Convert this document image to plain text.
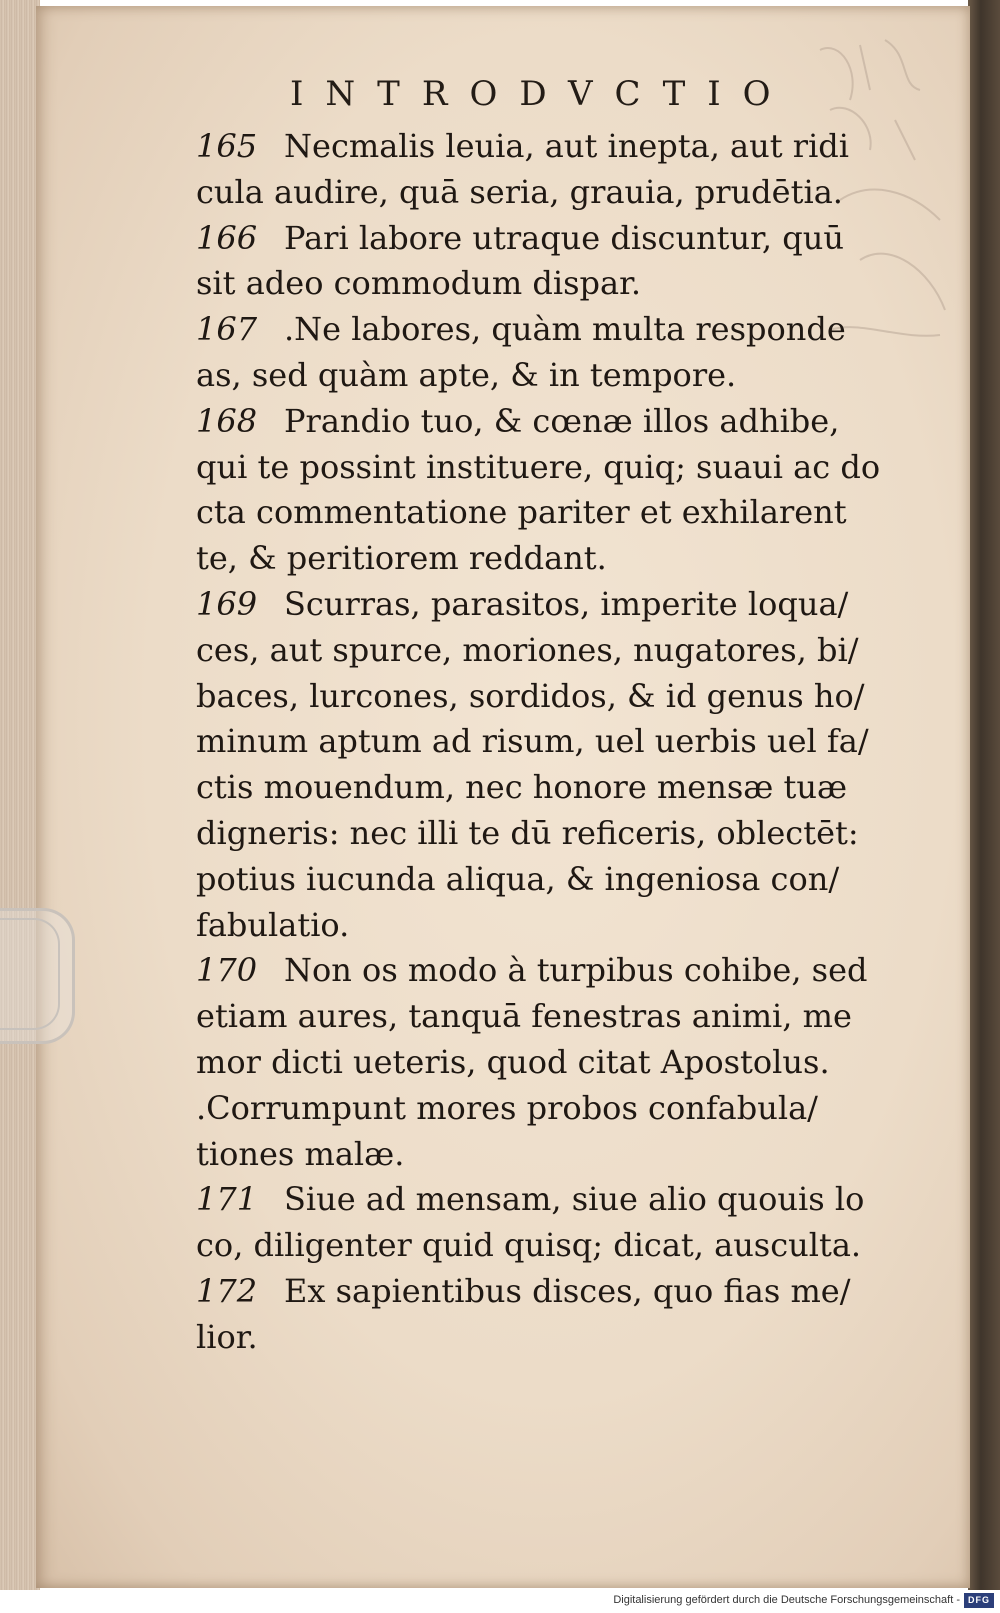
INTRODVCTIO
165 Necmalis leuia, aut inepta, aut ridi
cula audire, quā seria, grauia, prudētia.
166 Pari labore utraque discuntur, quū
sit adeo commodum dispar.
167 .Ne labores, quàm multa responde
as, sed quàm apte, & in tempore.
168 Prandio tuo, & cœnæ illos adhibe,
qui te possint instituere, quiq; suaui ac do
cta commentatione pariter et exhilarent
te, & peritiorem reddant.
169 Scurras, parasitos, imperite loqua/
ces, aut spurce, moriones, nugatores, bi/
baces, lurcones, sordidos, & id genus ho/
minum aptum ad risum, uel uerbis uel fa/
ctis mouendum, nec honore mensæ tuæ
digneris: nec illi te dū reficeris, oblectēt:
potius iucunda aliqua, & ingeniosa con/
fabulatio.
170 Non os modo à turpibus cohibe, sed
etiam aures, tanquā fenestras animi, me
mor dicti ueteris, quod citat Apostolus.
.Corrumpunt mores probos confabula/
tiones malæ.
171 Siue ad mensam, siue alio quouis lo
co, diligenter quid quisq; dicat, ausculta.
172 Ex sapientibus disces, quo fias me/
lior.
Digitalisierung gefördert durch die Deutsche Forschungsgemeinschaft - DFG
